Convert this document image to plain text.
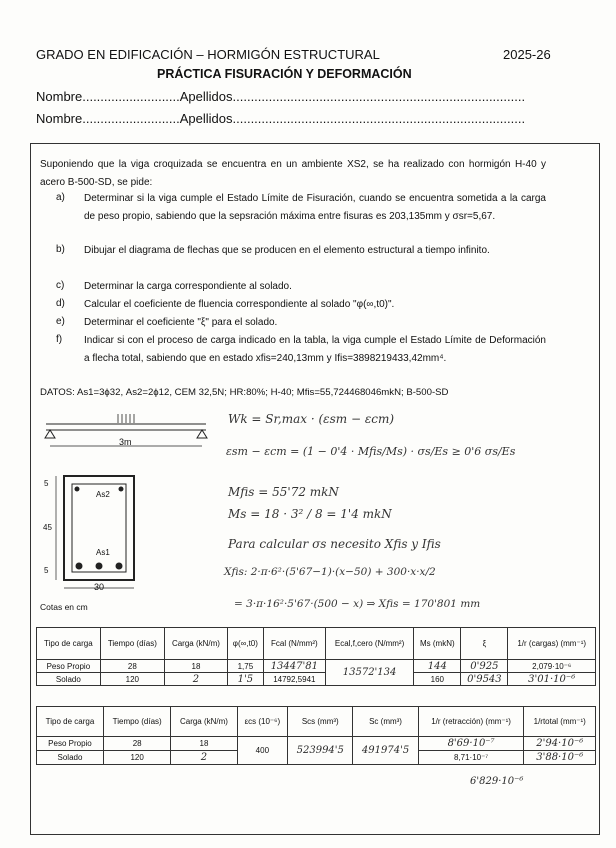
GRADO EN EDIFICACIÓN – HORMIGÓN ESTRUCTURAL	2025-26
PRÁCTICA FISURACIÓN Y DEFORMACIÓN
Nombre...........................Apellidos.................................................................................
Nombre...........................Apellidos.................................................................................
Suponiendo que la viga croquizada se encuentra en un ambiente XS2, se ha realizado con hormigón H-40 y acero B-500-SD, se pide:
a) Determinar si la viga cumple el Estado Límite de Fisuración, cuando se encuentra sometida a la carga de peso propio, sabiendo que la sepsración máxima entre fisuras es 203,135mm y σsr=5,67.
b) Dibujar el diagrama de flechas que se producen en el elemento estructural a tiempo infinito.
c) Determinar la carga correspondiente al solado.
d) Calcular el coeficiente de fluencia correspondiente al solado "φ(∞,t0)".
e) Determinar el coeficiente "ξ" para el solado.
f) Indicar si con el proceso de carga indicado en la tabla, la viga cumple el Estado Límite de Deformación a flecha total, sabiendo que en estado xfis=240,13mm y Ifis=3898219433,42mm⁴.
DATOS: As1=3ϕ32, As2=2ϕ12, CEM 32,5N; HR:80%; H-40; Mfis=55,724468046mkN; B-500-SD
3m
5
45
5
As2
As1
30
Cotas en cm
Wk = Sr,max · (εsm − εcm)
εsm − εcm = (1 − 0'4 · Mfis/Ms) · σs/Es ≥ 0'6 σs/Es
Mfis = 55'72 mkN
Ms = 18 · 3² / 8 = 1'4 mkN
Para calcular σs necesito Xfis y Ifis
Xfis: 2·π·6²·(5'67−1)·(x−50) + 300·x·x/2
= 3·π·16²·5'67·(500 − x) ⇒ Xfis = 170'801 mm
Tipo de carga	Tiempo (días)	Carga (kN/m)	φ(∞,t0)	Fcal (N/mm²)	Ecal,f,cero (N/mm²)	Ms (mkN)	ξ	1/r (cargas) (mm⁻¹)
Peso Propio	28	18	1,75	13447'81	13572'134	144	0'925	2,079·10⁻⁶
Solado	120	2	1'5	14792,5941		160	0'9543	3'01·10⁻⁶
Tipo de carga	Tiempo (días)	Carga (kN/m)	εcs (10⁻⁶)	Scs (mm³)	Sc (mm³)	1/r (retracción) (mm⁻¹)	1/rtotal (mm⁻¹)
Peso Propio	28	18	400	523994'5	491974'5	8'69·10⁻⁷	2'94·10⁻⁶
Solado	120	2				8,71·10⁻⁷	3'88·10⁻⁶
6'829·10⁻⁶
